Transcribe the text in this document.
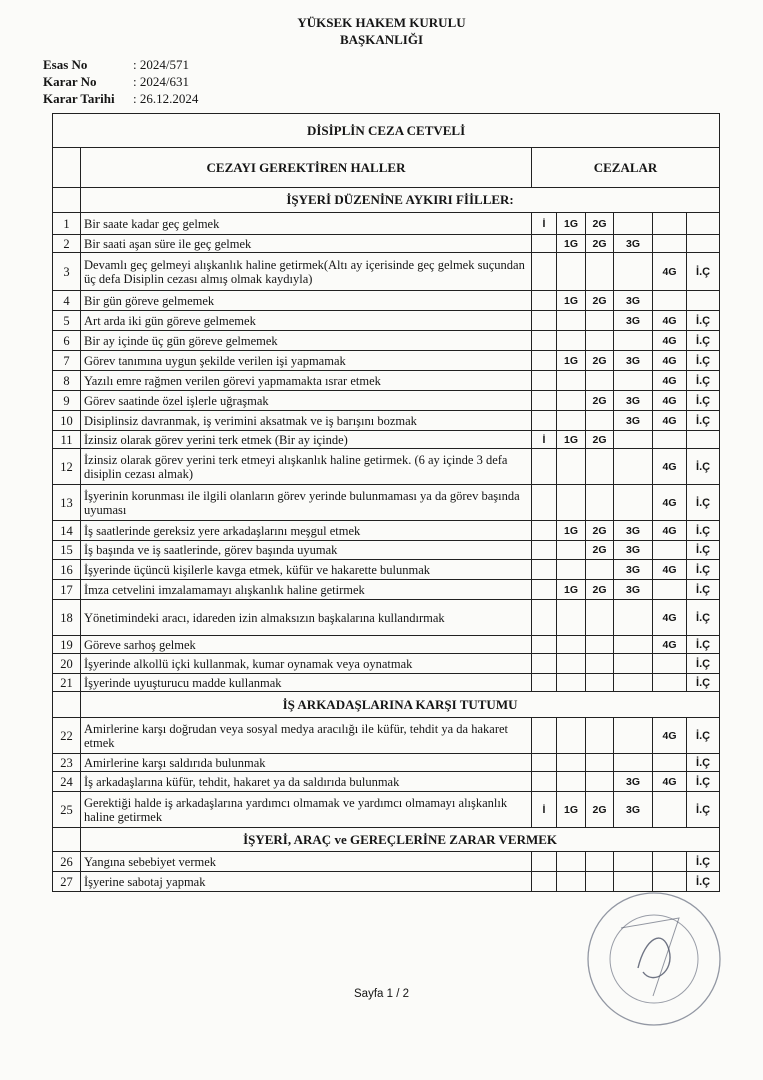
YÜKSEK HAKEM KURULU
BAŞKANLIĞI
Esas No	: 2024/571
Karar No	: 2024/631
Karar Tarihi	: 26.12.2024
DİSİPLİN CEZA CETVELİ							
	CEZAYI GEREKTİREN HALLER	CEZALAR					
	İŞYERİ DÜZENİNE AYKIRI FİİLLER:						
1	Bir saate kadar geç gelmek	İ	1G	2G			
2	Bir saati aşan süre ile geç gelmek		1G	2G	3G		
3	Devamlı geç gelmeyi alışkanlık haline getirmek(Altı ay içerisinde geç gelmek suçundan üç defa Disiplin cezası almış olmak kaydıyla)					4G	İ.Ç
4	Bir gün göreve gelmemek		1G	2G	3G		
5	Art arda iki gün göreve gelmemek				3G	4G	İ.Ç
6	Bir ay içinde üç gün göreve gelmemek					4G	İ.Ç
7	Görev tanımına uygun şekilde verilen işi yapmamak		1G	2G	3G	4G	İ.Ç
8	Yazılı emre rağmen verilen görevi yapmamakta ısrar etmek					4G	İ.Ç
9	Görev saatinde özel işlerle uğraşmak			2G	3G	4G	İ.Ç
10	Disiplinsiz davranmak, iş verimini aksatmak ve iş barışını bozmak				3G	4G	İ.Ç
11	İzinsiz olarak görev yerini terk etmek (Bir ay içinde)	İ	1G	2G			
12	İzinsiz olarak görev yerini terk etmeyi alışkanlık haline getirmek. (6 ay içinde 3 defa disiplin cezası almak)					4G	İ.Ç
13	İşyerinin korunması ile ilgili olanların görev yerinde bulunmaması ya da görev başında uyuması					4G	İ.Ç
14	İş saatlerinde gereksiz yere arkadaşlarını meşgul etmek		1G	2G	3G	4G	İ.Ç
15	İş başında ve iş saatlerinde, görev başında uyumak			2G	3G		İ.Ç
16	İşyerinde üçüncü kişilerle kavga etmek, küfür ve hakarette bulunmak				3G	4G	İ.Ç
17	İmza cetvelini imzalamamayı alışkanlık haline getirmek		1G	2G	3G		İ.Ç
18	Yönetimindeki aracı, idareden izin almaksızın başkalarına kullandırmak					4G	İ.Ç
19	Göreve sarhoş gelmek					4G	İ.Ç
20	İşyerinde alkollü içki kullanmak, kumar oynamak veya oynatmak						İ.Ç
21	İşyerinde uyuşturucu madde kullanmak						İ.Ç
	İŞ ARKADAŞLARINA KARŞI TUTUMU						
22	Amirlerine karşı doğrudan veya sosyal medya aracılığı ile küfür, tehdit ya da hakaret etmek					4G	İ.Ç
23	Amirlerine karşı saldırıda bulunmak						İ.Ç
24	İş arkadaşlarına küfür, tehdit, hakaret ya da saldırıda bulunmak				3G	4G	İ.Ç
25	Gerektiği halde iş arkadaşlarına yardımcı olmamak ve yardımcı olmamayı alışkanlık haline getirmek	İ	1G	2G	3G		İ.Ç
	İŞYERİ, ARAÇ ve GEREÇLERİNE ZARAR VERMEK						
26	Yangına sebebiyet vermek						İ.Ç
27	İşyerine sabotaj yapmak						İ.Ç
Sayfa 1 / 2
